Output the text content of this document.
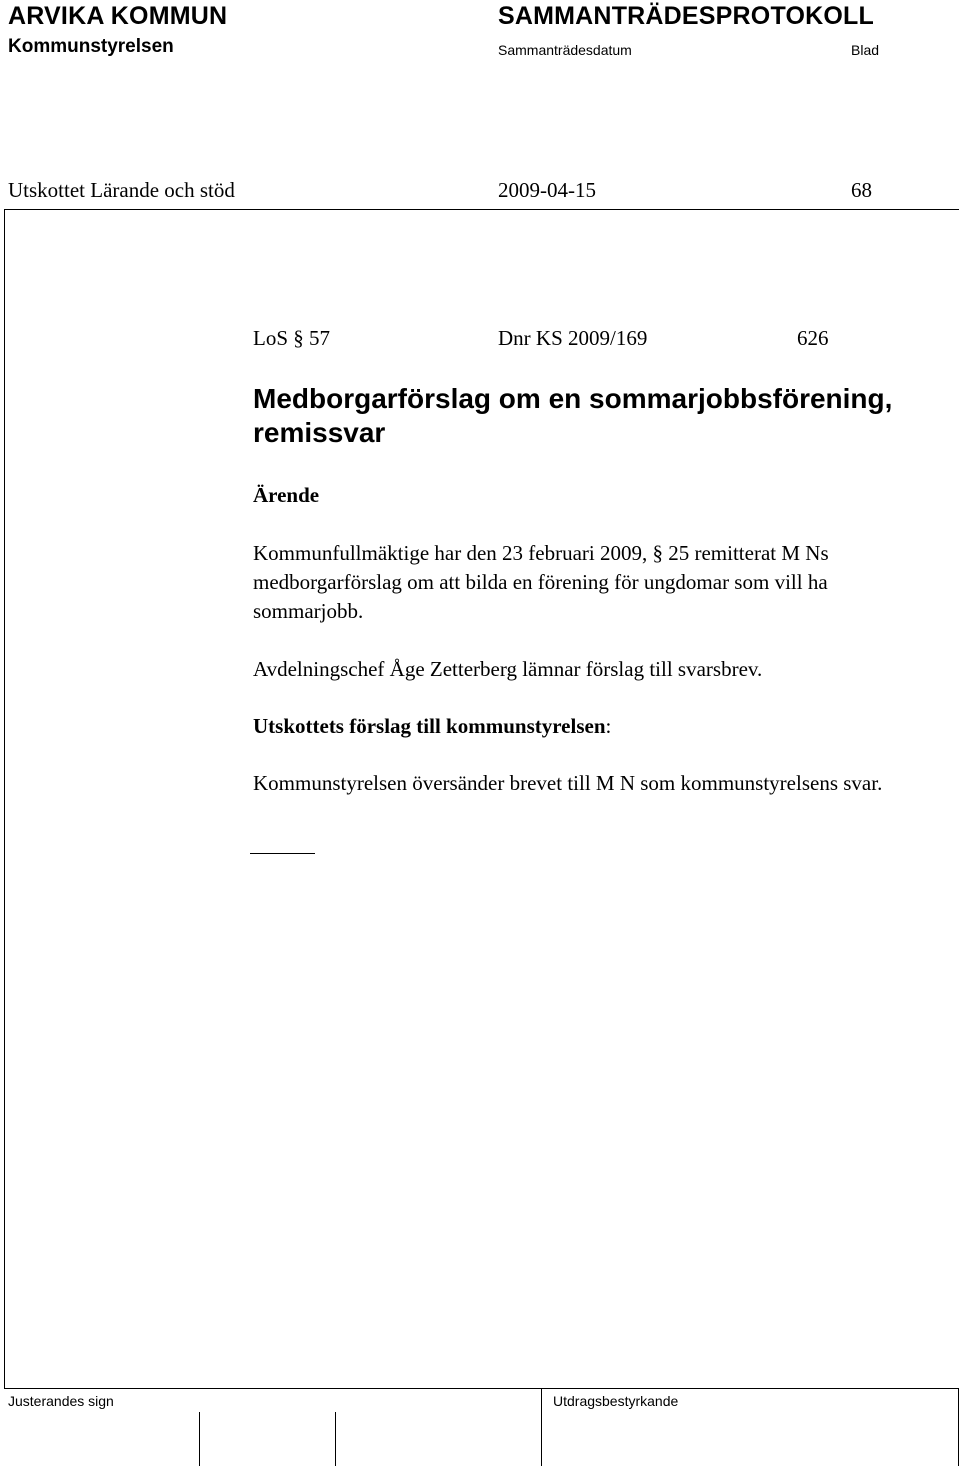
ARVIKA KOMMUN
Kommunstyrelsen
SAMMANTRÄDESPROTOKOLL
Sammanträdesdatum	Blad
Utskottet Lärande och stöd	2009-04-15	68
LoS § 57	Dnr KS 2009/169	626
Medborgarförslag om en sommarjobbsförening,
remissvar
Ärende
Kommunfullmäktige har den 23 februari 2009, § 25 remitterat M Ns medborgarförslag om att bilda en förening för ungdomar som vill ha sommarjobb.
Avdelningschef Åge Zetterberg lämnar förslag till svarsbrev.
Utskottets förslag till kommunstyrelsen:
Kommunstyrelsen översänder brevet till M N som kommunstyrelsens svar.
Justerandes sign	Utdragsbestyrkande
